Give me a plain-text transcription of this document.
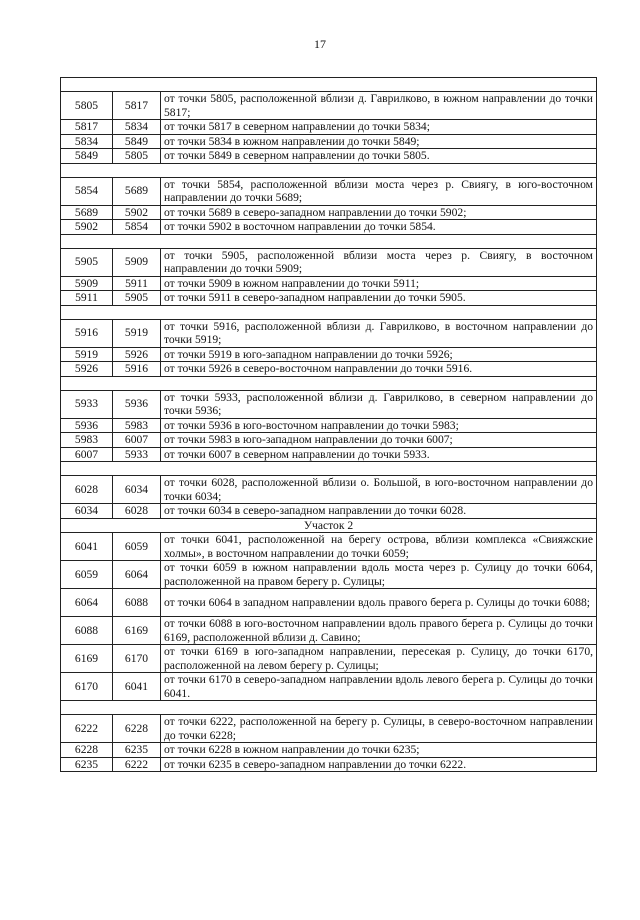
17

5805	5817	от точки 5805, расположенной вблизи д. Гаврилково, в южном направлении до точки 5817;
5817	5834	от точки 5817 в северном направлении до точки 5834;
5834	5849	от точки 5834 в южном направлении до точки 5849;
5849	5805	от точки 5849 в северном направлении до точки 5805.

5854	5689	от точки 5854, расположенной вблизи моста через р. Свиягу, в юго-восточном направлении до точки 5689;
5689	5902	от точки 5689 в северо-западном направлении до точки 5902;
5902	5854	от точки 5902 в восточном направлении до точки 5854.

5905	5909	от точки 5905, расположенной вблизи моста через р. Свиягу, в восточном направлении до точки 5909;
5909	5911	от точки 5909 в южном направлении до точки 5911;
5911	5905	от точки 5911 в северо-западном направлении до точки 5905.

5916	5919	от точки 5916, расположенной вблизи д. Гаврилково, в восточном направлении до точки 5919;
5919	5926	от точки 5919 в юго-западном направлении до точки 5926;
5926	5916	от точки 5926 в северо-восточном направлении до точки 5916.

5933	5936	от точки 5933, расположенной вблизи д. Гаврилково, в северном направлении до точки 5936;
5936	5983	от точки 5936 в юго-восточном направлении до точки 5983;
5983	6007	от точки 5983 в юго-западном направлении до точки 6007;
6007	5933	от точки 6007 в северном направлении до точки 5933.

6028	6034	от точки 6028, расположенной вблизи о. Большой, в юго-восточном направлении до точки 6034;
6034	6028	от точки 6034 в северо-западном направлении до точки 6028.
Участок 2		
6041	6059	от точки 6041, расположенной на берегу острова, вблизи комплекса «Свияжские холмы», в восточном направлении до точки 6059;
6059	6064	от точки 6059 в южном направлении вдоль моста через р. Сулицу до точки 6064, расположенной на правом берегу р. Сулицы;
6064	6088	от точки 6064 в западном направлении вдоль правого берега р. Сулицы до точки 6088;
6088	6169	от точки 6088 в юго-восточном направлении вдоль правого берега р. Сулицы до точки 6169, расположенной вблизи д. Савино;
6169	6170	от точки 6169 в юго-западном направлении, пересекая р. Сулицу, до точки 6170, расположенной на левом берегу р. Сулицы;
6170	6041	от точки 6170 в северо-западном направлении вдоль левого берега р. Сулицы до точки 6041.

6222	6228	от точки 6222, расположенной на берегу р. Сулицы, в северо-восточном направлении до точки 6228;
6228	6235	от точки 6228 в южном направлении до точки 6235;
6235	6222	от точки 6235 в северо-западном направлении до точки 6222.
